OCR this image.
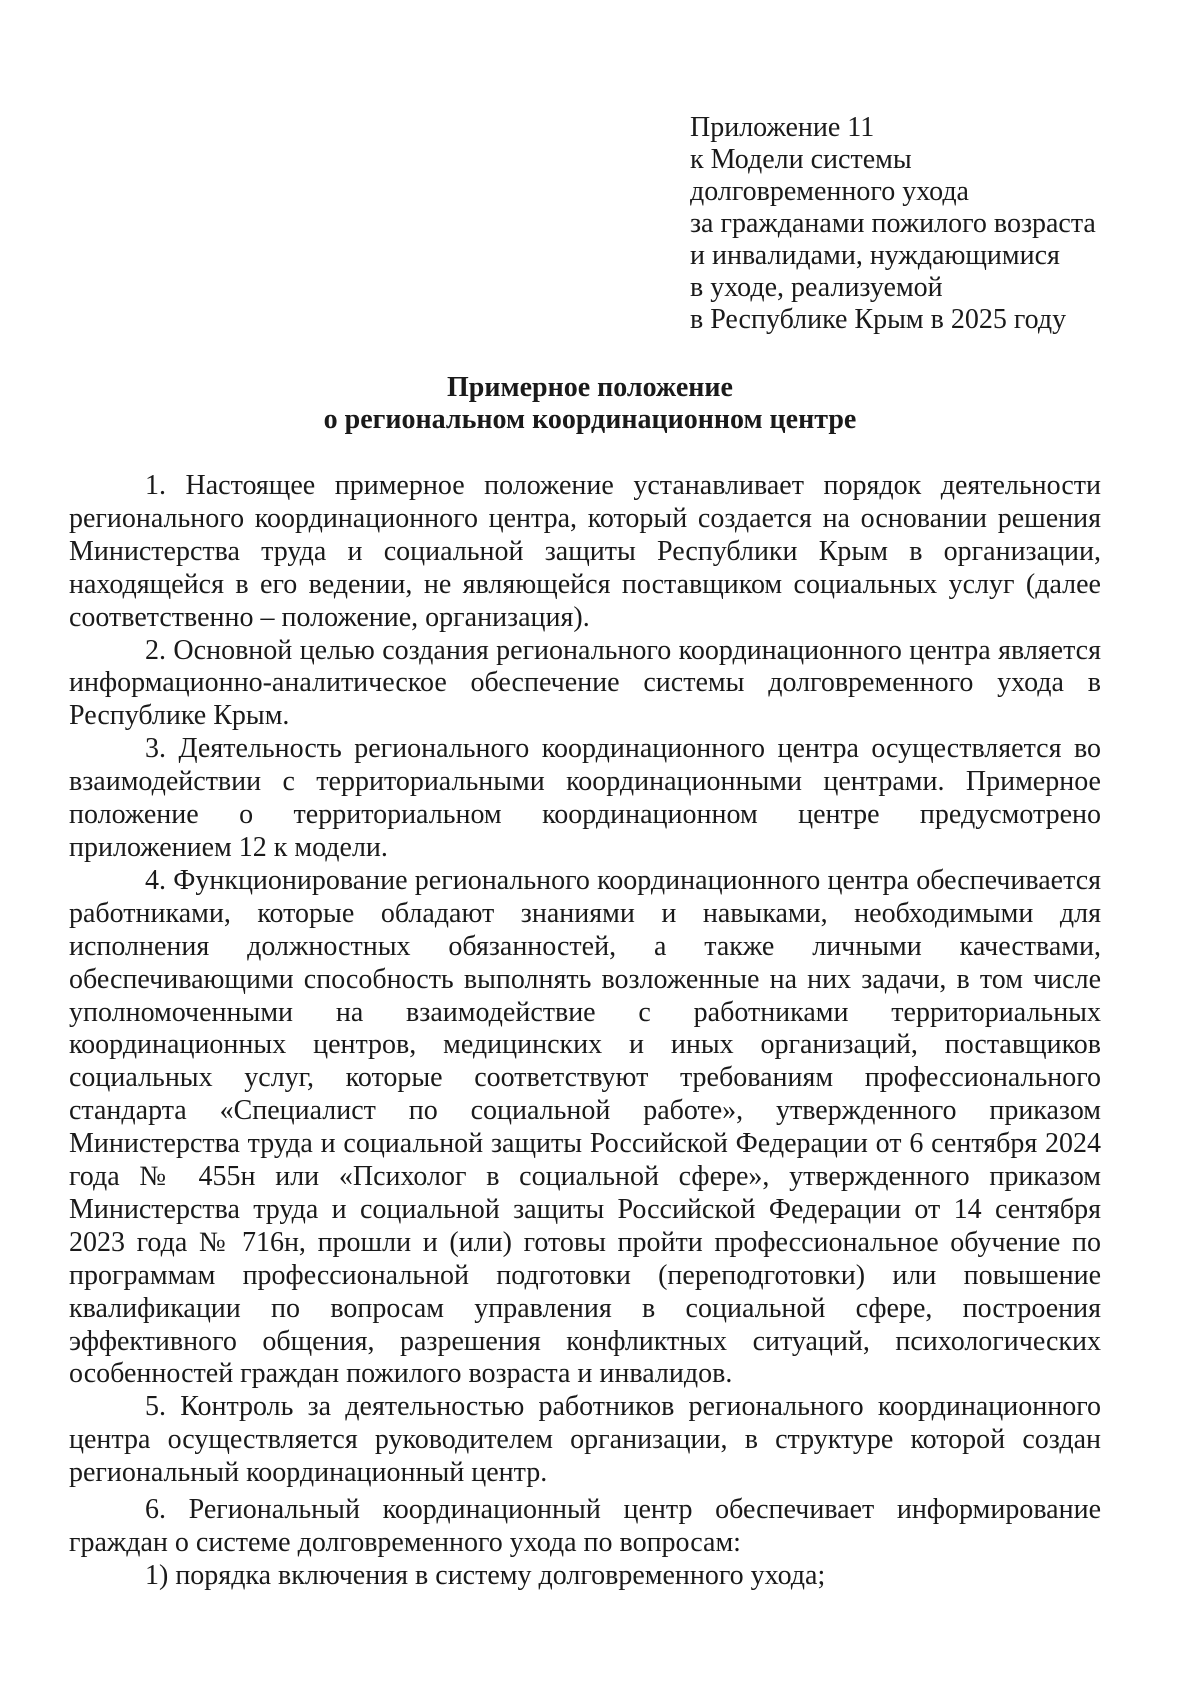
Приложение 11
к Модели системы
долговременного ухода
за гражданами пожилого возраста
и инвалидами, нуждающимися
в уходе, реализуемой
в Республике Крым в 2025 году
Примерное положение
о региональном координационном центре

1. Настоящее примерное положение устанавливает порядок деятельности регионального координационного центра, который создается на основании решения Министерства труда и социальной защиты Республики Крым в организации, находящейся в его ведении, не являющейся поставщиком социальных услуг (далее соответственно – положение, организация).

2. Основной целью создания регионального координационного центра является информационно-аналитическое обеспечение системы долговременного ухода в Республике Крым.

3. Деятельность регионального координационного центра осуществляется во взаимодействии с территориальными координационными центрами. Примерное положение о территориальном координационном центре предусмотрено приложением 12 к модели.

4. Функционирование регионального координационного центра обеспечивается работниками, которые обладают знаниями и навыками, необходимыми для исполнения должностных обязанностей, а также личными качествами, обеспечивающими способность выполнять возложенные на них задачи, в том числе уполномоченными на взаимодействие с работниками территориальных координационных центров, медицинских и иных организаций, поставщиков социальных услуг, которые соответствуют требованиям профессионального стандарта «Специалист по социальной работе», утвержденного приказом Министерства труда и социальной защиты Российской Федерации от 6 сентября 2024 года № 455н или «Психолог в социальной сфере», утвержденного приказом Министерства труда и социальной защиты Российской Федерации от 14 сентября 2023 года № 716н, прошли и (или) готовы пройти профессиональное обучение по программам профессиональной подготовки (переподготовки) или повышение квалификации по вопросам управления в социальной сфере, построения эффективного общения, разрешения конфликтных ситуаций, психологических особенностей граждан пожилого возраста и инвалидов.

5. Контроль за деятельностью работников регионального координационного центра осуществляется руководителем организации, в структуре которой создан региональный координационный центр.

6. Региональный координационный центр обеспечивает информирование граждан о системе долговременного ухода по вопросам:

1) порядка включения в систему долговременного ухода;
